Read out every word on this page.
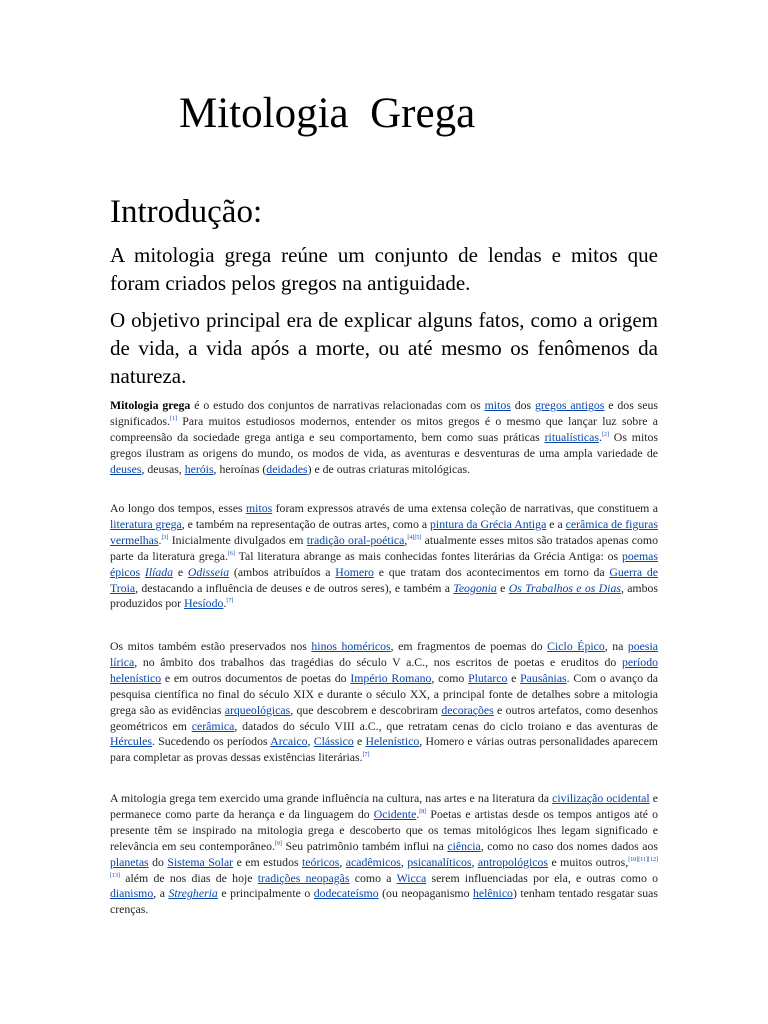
Mitologia  Grega
Introdução:

A mitologia grega reúne um conjunto de lendas e mitos que foram criados pelos gregos na antiguidade.

O objetivo principal era de explicar alguns fatos, como a origem de vida, a vida após a morte, ou até mesmo os fenômenos da natureza.

Mitologia grega é o estudo dos conjuntos de narrativas relacionadas com os mitos dos gregos antigos e dos seus significados.[1] Para muitos estudiosos modernos, entender os mitos gregos é o mesmo que lançar luz sobre a compreensão da sociedade grega antiga e seu comportamento, bem como suas práticas ritualísticas.[2] Os mitos gregos ilustram as origens do mundo, os modos de vida, as aventuras e desventuras de uma ampla variedade de deuses, deusas, heróis, heroínas (deidades) e de outras criaturas mitológicas.

Ao longo dos tempos, esses mitos foram expressos através de uma extensa coleção de narrativas, que constituem a literatura grega, e também na representação de outras artes, como a pintura da Grécia Antiga e a cerâmica de figuras vermelhas.[3] Inicialmente divulgados em tradição oral-poética,[4][5] atualmente esses mitos são tratados apenas como parte da literatura grega.[6] Tal literatura abrange as mais conhecidas fontes literárias da Grécia Antiga: os poemas épicos Ilíada e Odisseia (ambos atribuídos a Homero e que tratam dos acontecimentos em torno da Guerra de Troia, destacando a influência de deuses e de outros seres), e também a Teogonia e Os Trabalhos e os Dias, ambos produzidos por Hesíodo.[7]

Os mitos também estão preservados nos hinos homéricos, em fragmentos de poemas do Ciclo Épico, na poesia lírica, no âmbito dos trabalhos das tragédias do século V a.C., nos escritos de poetas e eruditos do período helenístico e em outros documentos de poetas do Império Romano, como Plutarco e Pausânias. Com o avanço da pesquisa científica no final do século XIX e durante o século XX, a principal fonte de detalhes sobre a mitologia grega são as evidências arqueológicas, que descobrem e descobriram decorações e outros artefatos, como desenhos geométricos em cerâmica, datados do século VIII a.C., que retratam cenas do ciclo troiano e das aventuras de Hércules. Sucedendo os períodos Arcaico, Clássico e Helenístico, Homero e várias outras personalidades aparecem para completar as provas dessas existências literárias.[7]

A mitologia grega tem exercido uma grande influência na cultura, nas artes e na literatura da civilização ocidental e permanece como parte da herança e da linguagem do Ocidente.[8] Poetas e artistas desde os tempos antigos até o presente têm se inspirado na mitologia grega e descoberto que os temas mitológicos lhes legam significado e relevância em seu contemporâneo.[9] Seu patrimônio também influi na ciência, como no caso dos nomes dados aos planetas do Sistema Solar e em estudos teóricos, acadêmicos, psicanalíticos, antropológicos e muitos outros,[10][11][12][13] além de nos dias de hoje tradições neopagãs como a Wicca serem influenciadas por ela, e outras como o dianismo, a Stregheria e principalmente o dodecateísmo (ou neopaganismo helênico) tenham tentado resgatar suas crenças.
